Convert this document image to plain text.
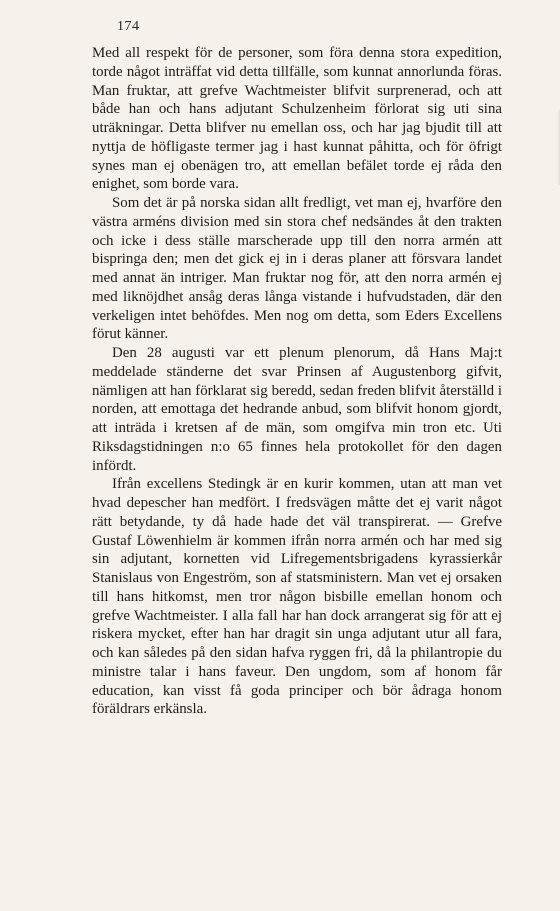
174

Med all respekt för de personer, som föra denna stora expedition, torde något inträffat vid detta tillfälle, som kunnat annorlunda föras. Man fruktar, att grefve Wachtmeister blifvit surprenerad, och att både han och hans adjutant Schulzenheim förlorat sig uti sina uträkningar. Detta blifver nu emellan oss, och har jag bjudit till att nyttja de höfligaste termer jag i hast kunnat påhitta, och för öfrigt synes man ej obenägen tro, att emellan befälet torde ej råda den enighet, som borde vara.

Som det är på norska sidan allt fredligt, vet man ej, hvarföre den västra arméns division med sin stora chef nedsändes åt den trakten och icke i dess ställe marscherade upp till den norra armén att bispringa den; men det gick ej in i deras planer att försvara landet med annat än intriger. Man fruktar nog för, att den norra armén ej med liknöjdhet ansåg deras långa vistande i hufvudstaden, där den verkeligen intet behöfdes. Men nog om detta, som Eders Excellens förut känner.

Den 28 augusti var ett plenum plenorum, då Hans Maj:t meddelade ständerne det svar Prinsen af Augustenborg gifvit, nämligen att han förklarat sig beredd, sedan freden blifvit återställd i norden, att emottaga det hedrande anbud, som blifvit honom gjordt, att inträda i kretsen af de män, som omgifva min tron etc. Uti Riksdagstidningen n:o 65 finnes hela protokollet för den dagen infördt.

Ifrån excellens Stedingk är en kurir kommen, utan att man vet hvad depescher han medfört. I fredsvägen måtte det ej varit något rätt betydande, ty då hade hade det väl transpirerat. — Grefve Gustaf Löwenhielm är kommen ifrån norra armén och har med sig sin adjutant, kornetten vid Lifregementsbrigadens kyrassierkår Stanislaus von Engeström, son af statsministern. Man vet ej orsaken till hans hitkomst, men tror någon bisbille emellan honom och grefve Wachtmeister. I alla fall har han dock arrangerat sig för att ej riskera mycket, efter han har dragit sin unga adjutant utur all fara, och kan således på den sidan hafva ryggen fri, då la philantropie du ministre talar i hans faveur. Den ungdom, som af honom får education, kan visst få goda principer och bör ådraga honom föräldrars erkänsla.
